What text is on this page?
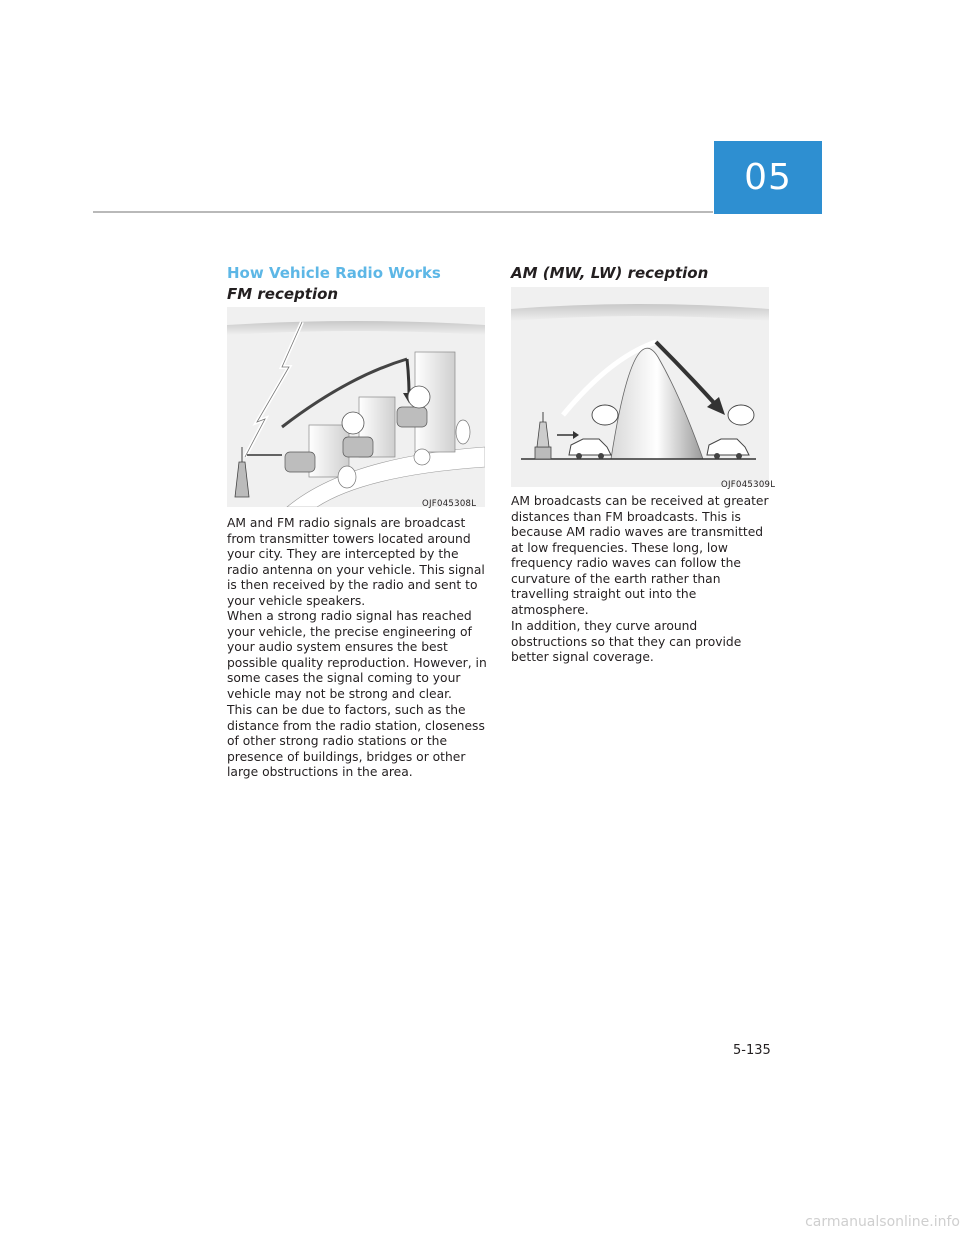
05
How Vehicle Radio Works
FM reception
OJF045308L

AM and FM radio signals are broadcast from transmitter towers located around your city. They are intercepted by the radio antenna on your vehicle. This signal is then received by the radio and sent to your vehicle speakers.

When a strong radio signal has reached your vehicle, the precise engineering of your audio system ensures the best possible quality reproduction. However, in some cases the signal coming to your vehicle may not be strong and clear.

This can be due to factors, such as the distance from the radio station, closeness of other strong radio stations or the presence of buildings, bridges or other large obstructions in the area.

AM (MW, LW) reception
OJF045309L

AM broadcasts can be received at greater distances than FM broadcasts. This is because AM radio waves are transmitted at low frequencies. These long, low frequency radio waves can follow the curvature of the earth rather than travelling straight out into the atmosphere.

In addition, they curve around obstructions so that they can provide better signal coverage.

5-135
carmanualsonline.info
